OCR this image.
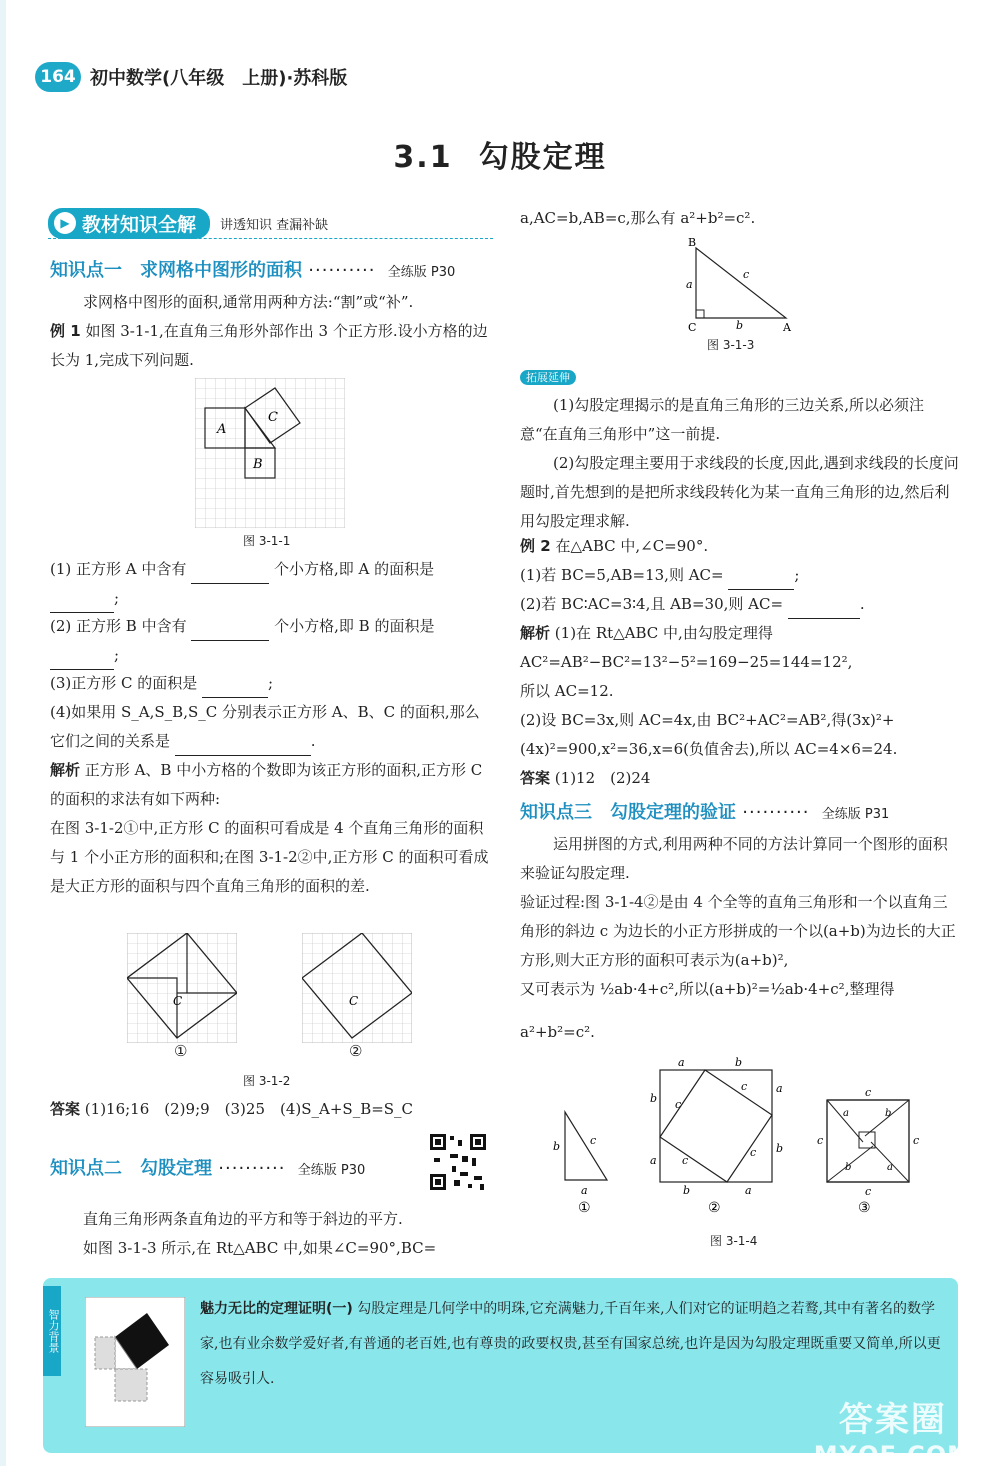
164 初中数学(八年级　上册)·苏科版
3.1 勾股定理
▶ 教材知识全解 讲透知识 查漏补缺
知识点一　求网格中图形的面积 ·········· 全练版 P30
求网格中图形的面积,通常用两种方法:“割”或“补”.
例 1 如图 3-1-1,在直角三角形外部作出 3 个正方形.设小方格的边长为 1,完成下列问题.
A
B
C
图 3-1-1
(1) 正方形 A 中含有	个小方格,即 A 的面积是 ;
(2) 正方形 B 中含有	个小方格,即 B 的面积是 ;
(3)正方形 C 的面积是	;
(4)如果用 S_A,S_B,S_C 分别表示正方形 A、B、C 的面积,那么它们之间的关系是	.
解析 正方形 A、B 中小方格的个数即为该正方形的面积,正方形 C 的面积的求法有如下两种:
在图 3-1-2①中,正方形 C 的面积可看成是 4 个直角三角形的面积与 1 个小正方形的面积和;在图 3-1-2②中,正方形 C 的面积可看成是大正方形的面积与四个直角三角形的面积的差.
C	C
①	②
图 3-1-2
答案 (1)16;16　(2)9;9　(3)25　(4)S_A+S_B=S_C
知识点二　勾股定理 ·········· 全练版 P30
直角三角形两条直角边的平方和等于斜边的平方.
如图 3-1-3 所示,在 Rt△ABC 中,如果∠C=90°,BC=
a,AC=b,AB=c,那么有 a²+b²=c².
B
C	A
a
b
c
图 3-1-3
拓展延伸
(1)勾股定理揭示的是直角三角形的三边关系,所以必须注意“在直角三角形中”这一前提.
(2)勾股定理主要用于求线段的长度,因此,遇到求线段的长度问题时,首先想到的是把所求线段转化为某一直角三角形的边,然后利用勾股定理求解.
例 2 在△ABC 中,∠C=90°.
(1)若 BC=5,AB=13,则 AC=	;
(2)若 BC∶AC=3∶4,且 AB=30,则 AC=	.
解析 (1)在 Rt△ABC 中,由勾股定理得 AC²=AB²−BC²=13²−5²=169−25=144=12²,
所以 AC=12.
(2)设 BC=3x,则 AC=4x,由 BC²+AC²=AB²,得(3x)²+(4x)²=900,x²=36,x=6(负值舍去),所以 AC=4×6=24.
答案 (1)12　(2)24
知识点三　勾股定理的验证 ·········· 全练版 P31
运用拼图的方式,利用两种不同的方法计算同一个图形的面积来验证勾股定理.
验证过程:图 3-1-4②是由 4 个全等的直角三角形和一个以直角三角形的斜边 c 为边长的小正方形拼成的一个以(a+b)为边长的大正方形,则大正方形的面积可表示为(a+b)²,
又可表示为 ½ab·4+c²,所以(a+b)²=½ab·4+c²,整理得
a²+b²=c².
b
a
c
①
a	b
b
a
a
b
b	a
c
c
c
c
②
c
c	c
c
a	b
b	a
③
图 3-1-4
智力背景	魅力无比的定理证明(一) 勾股定理是几何学中的明珠,它充满魅力,千百年来,人们对它的证明趋之若鹜,其中有著名的数学家,也有业余数学爱好者,有普通的老百姓,也有尊贵的政要权贵,甚至有国家总统,也许是因为勾股定理既重要又简单,所以更容易吸引人.
答案圈
MXQE.COM
